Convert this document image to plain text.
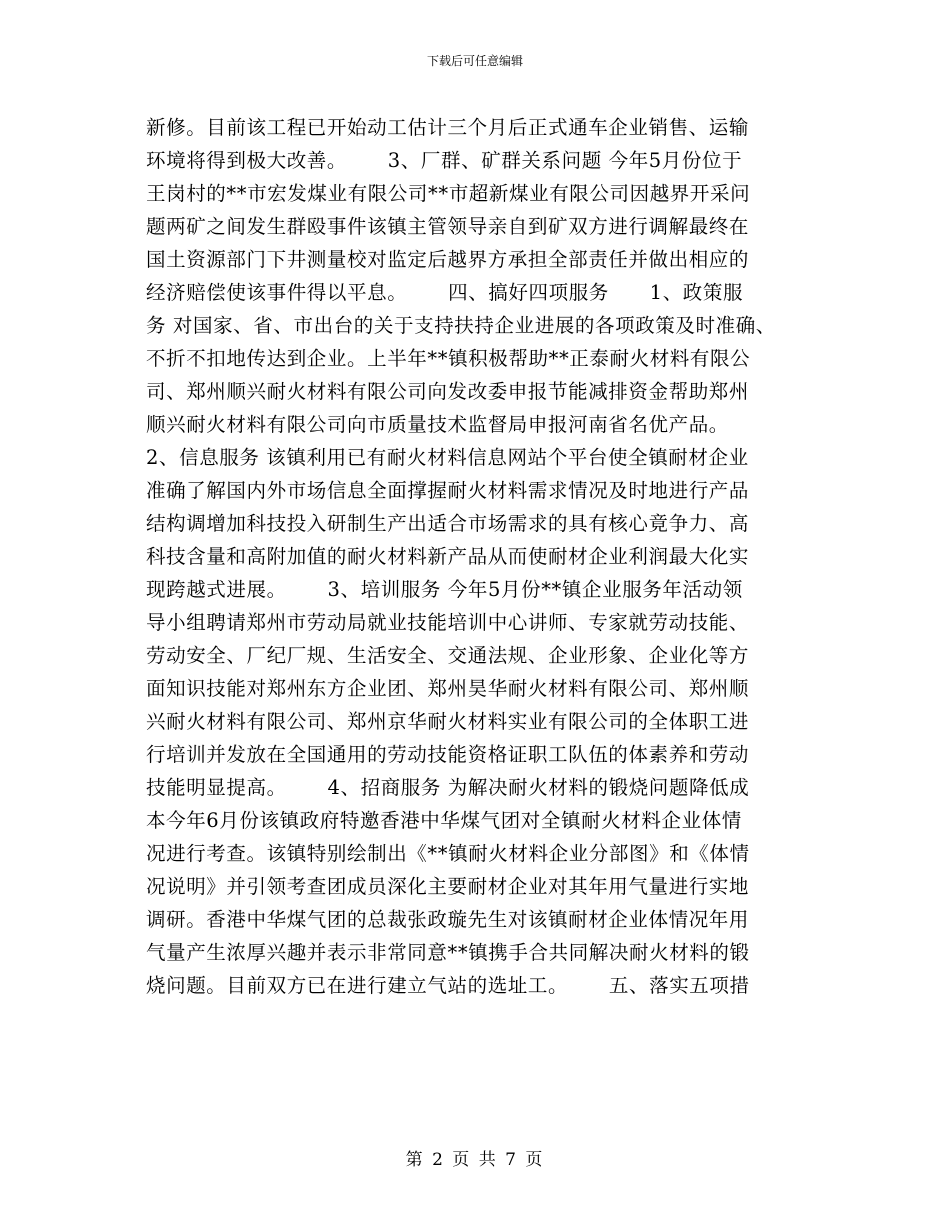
下载后可任意编辑
新修。目前该工程已开始动工估计三个月后正式通车企业销售、运输
环境将得到极大改善。      3、厂群、矿群关系问题 今年5月份位于
王岗村的**市宏发煤业有限公司**市超新煤业有限公司因越界开采问
题两矿之间发生群殴事件该镇主管领导亲自到矿双方进行调解最终在
国土资源部门下井测量校对监定后越界方承担全部责任并做出相应的
经济赔偿使该事件得以平息。      四、搞好四项服务      1、政策服
务 对国家、省、市出台的关于支持扶持企业进展的各项政策及时准确、
不折不扣地传达到企业。上半年**镇积极帮助**正泰耐火材料有限公
司、郑州顺兴耐火材料有限公司向发改委申报节能减排资金帮助郑州
顺兴耐火材料有限公司向市质量技术监督局申报河南省名优产品。
2、信息服务 该镇利用已有耐火材料信息网站个平台使全镇耐材企业
准确了解国内外市场信息全面撑握耐火材料需求情况及时地进行产品
结构调增加科技投入研制生产出适合市场需求的具有核心竟争力、高
科技含量和高附加值的耐火材料新产品从而使耐材企业利润最大化实
现跨越式进展。      3、培训服务 今年5月份**镇企业服务年活动领
导小组聘请郑州市劳动局就业技能培训中心讲师、专家就劳动技能、
劳动安全、厂纪厂规、生活安全、交通法规、企业形象、企业化等方
面知识技能对郑州东方企业团、郑州昊华耐火材料有限公司、郑州顺
兴耐火材料有限公司、郑州京华耐火材料实业有限公司的全体职工进
行培训并发放在全国通用的劳动技能资格证职工队伍的体素养和劳动
技能明显提高。      4、招商服务 为解决耐火材料的锻烧问题降低成
本今年6月份该镇政府特邀香港中华煤气团对全镇耐火材料企业体情
况进行考查。该镇特别绘制出《**镇耐火材料企业分部图》和《体情
况说明》并引领考查团成员深化主要耐材企业对其年用气量进行实地
调研。香港中华煤气团的总裁张政璇先生对该镇耐材企业体情况年用
气量产生浓厚兴趣并表示非常同意**镇携手合共同解决耐火材料的锻
烧问题。目前双方已在进行建立气站的选址工。      五、落实五项措
第 2 页 共 7 页
